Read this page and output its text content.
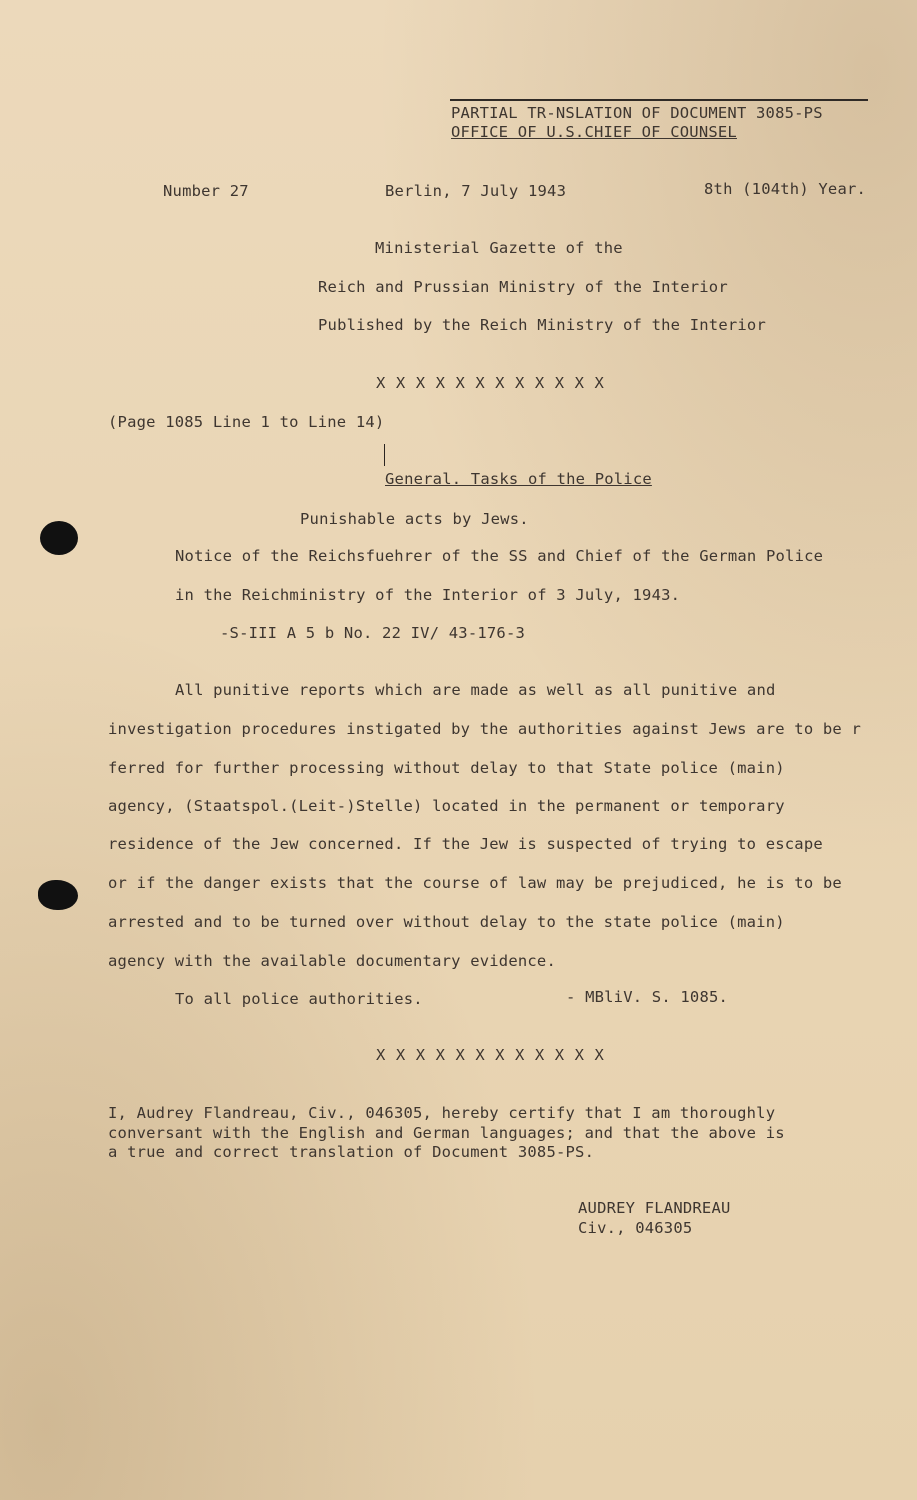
PARTIAL TR-NSLATION OF DOCUMENT 3085-PS
OFFICE OF U.S.CHIEF OF COUNSEL
Number 27	Berlin, 7 July 1943	8th (104th) Year.
Ministerial Gazette of the
Reich and Prussian Ministry of the Interior
Published by the Reich Ministry of the Interior
X X X X X X X X X X X X
(Page 1085 Line 1 to Line 14)
General. Tasks of the Police
Punishable acts by Jews.
Notice of the Reichsfuehrer of the SS and Chief of the German Police
in the Reichministry of the Interior of 3 July, 1943.
-S-III A 5 b No. 22 IV/ 43-176-3
All punitive reports which are made as well as all punitive and
investigation procedures instigated by the authorities against Jews are to be r
ferred for further processing without delay to that State police (main)
agency, (Staatspol.(Leit-)Stelle) located in the permanent or temporary
residence of the Jew concerned. If the Jew is suspected of trying to escape
or if the danger exists that the course of law may be prejudiced, he is to be
arrested and to be turned over without delay to the state police (main)
agency with the available documentary evidence.
To all police authorities.	- MBliV. S. 1085.
X X X X X X X X X X X X
I, Audrey Flandreau, Civ., 046305, hereby certify that I am thoroughly
conversant with the English and German languages; and that the above is
a true and correct translation of Document 3085-PS.
AUDREY FLANDREAU
Civ., 046305
